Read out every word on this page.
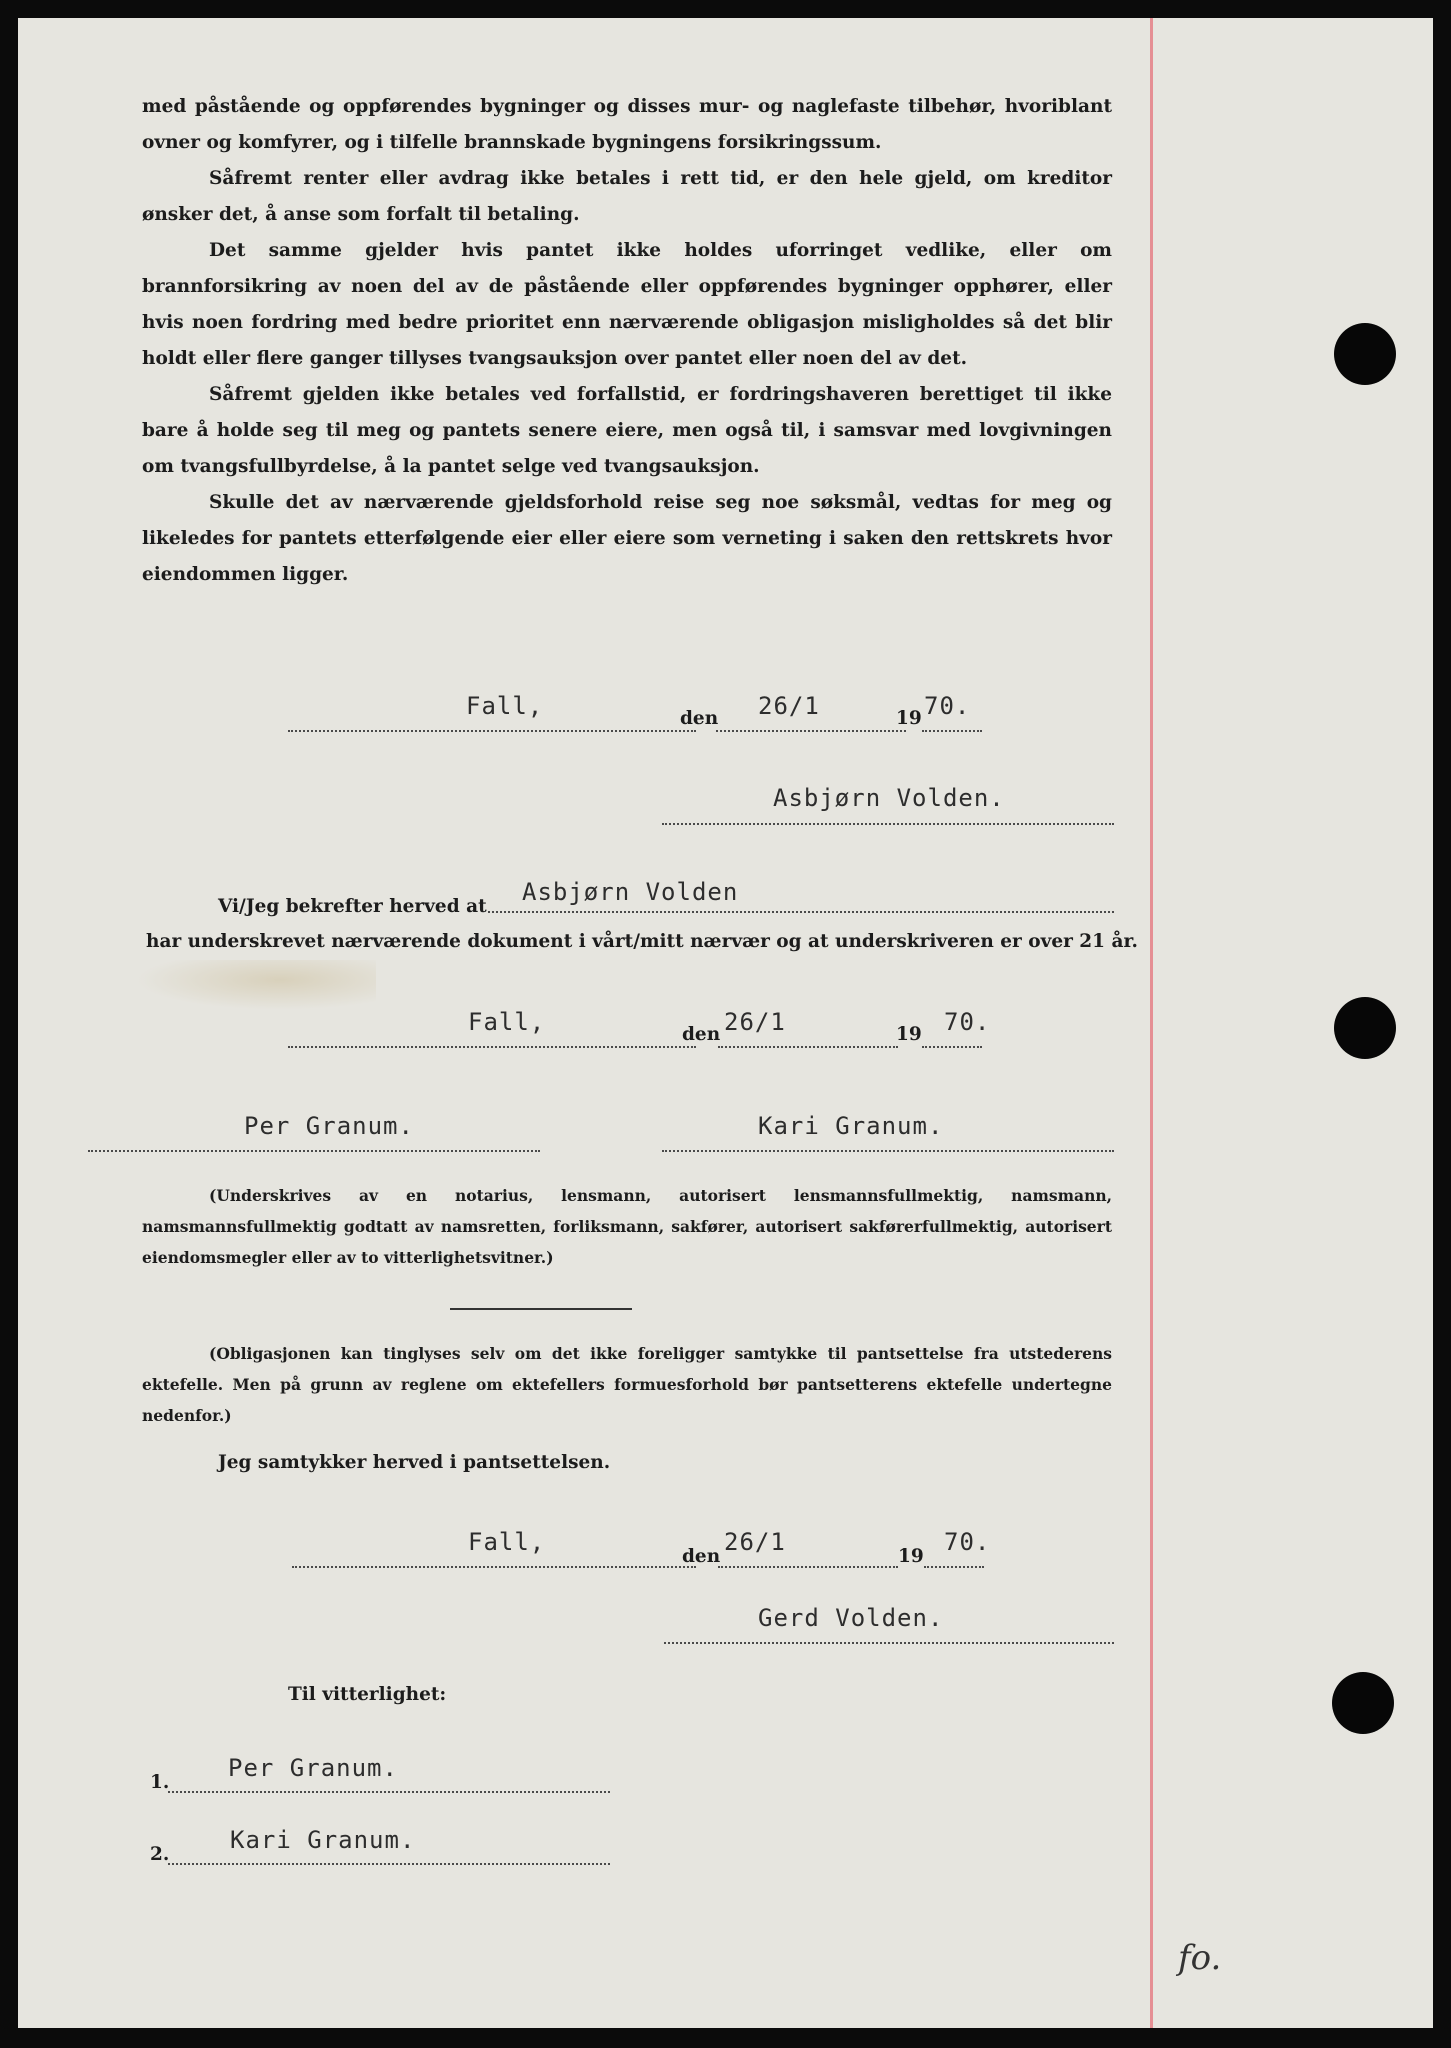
med påstående og oppførendes bygninger og disses mur- og naglefaste tilbehør, hvoriblant ovner og komfyrer, og i tilfelle brannskade bygningens forsikringssum.

Såfremt renter eller avdrag ikke betales i rett tid, er den hele gjeld, om kreditor ønsker det, å anse som forfalt til betaling.

Det samme gjelder hvis pantet ikke holdes uforringet vedlike, eller om brannforsikring av noen del av de påstående eller oppførendes bygninger opphører, eller hvis noen fordring med bedre prioritet enn nærværende obligasjon misligholdes så det blir holdt eller flere ganger tillyses tvangsauksjon over pantet eller noen del av det.

Såfremt gjelden ikke betales ved forfallstid, er fordringshaveren berettiget til ikke bare å holde seg til meg og pantets senere eiere, men også til, i samsvar med lovgivningen om tvangsfullbyrdelse, å la pantet selge ved tvangsauksjon.

Skulle det av nærværende gjeldsforhold reise seg noe søksmål, vedtas for meg og likeledes for pantets etterfølgende eier eller eiere som verneting i saken den rettskrets hvor eiendommen ligger.

Fall,	den 26/1	19 70.
Asbjørn Volden.
Vi/Jeg bekrefter herved at
Asbjørn Volden
har underskrevet nærværende dokument i vårt/mitt nærvær og at underskriveren er over 21 år.
Fall,	den 26/1	19 70.
Per Granum.	Kari Granum.

(Underskrives av en notarius, lensmann, autorisert lensmannsfullmektig, namsmann, namsmannsfullmektig godtatt av namsretten, forliksmann, sakfører, autorisert sakførerfullmektig, autorisert eiendomsmegler eller av to vitterlighetsvitner.)

(Obligasjonen kan tinglyses selv om det ikke foreligger samtykke til pantsettelse fra utstederens ektefelle. Men på grunn av reglene om ektefellers formuesforhold bør pantsetterens ektefelle undertegne nedenfor.)

Jeg samtykker herved i pantsettelsen.
Fall,
den
26/1
19
70.
Gerd Volden.
Til vitterlighet:
1.
Per Granum.
2.
Kari Granum.
fo.
